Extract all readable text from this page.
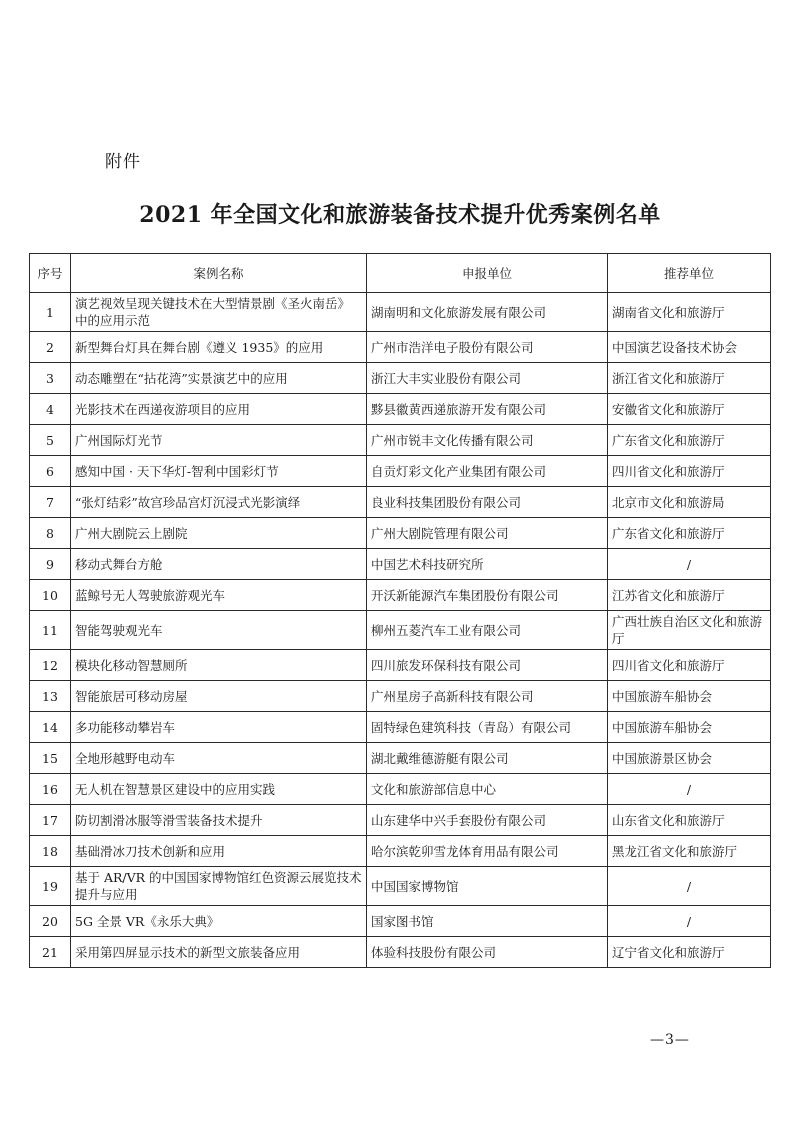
附件
2021 年全国文化和旅游装备技术提升优秀案例名单
序号	案例名称	申报单位	推荐单位
1	演艺视效呈现关键技术在大型情景剧《圣火南岳》中的应用示范	湖南明和文化旅游发展有限公司	湖南省文化和旅游厅
2	新型舞台灯具在舞台剧《遵义 1935》的应用	广州市浩洋电子股份有限公司	中国演艺设备技术协会
3	动态雕塑在“拈花湾”实景演艺中的应用	浙江大丰实业股份有限公司	浙江省文化和旅游厅
4	光影技术在西递夜游项目的应用	黟县徽黄西递旅游开发有限公司	安徽省文化和旅游厅
5	广州国际灯光节	广州市锐丰文化传播有限公司	广东省文化和旅游厅
6	感知中国 · 天下华灯-智利中国彩灯节	自贡灯彩文化产业集团有限公司	四川省文化和旅游厅
7	“张灯结彩”故宫珍品宫灯沉浸式光影演绎	良业科技集团股份有限公司	北京市文化和旅游局
8	广州大剧院云上剧院	广州大剧院管理有限公司	广东省文化和旅游厅
9	移动式舞台方舱	中国艺术科技研究所	/
10	蓝鲸号无人驾驶旅游观光车	开沃新能源汽车集团股份有限公司	江苏省文化和旅游厅
11	智能驾驶观光车	柳州五菱汽车工业有限公司	广西壮族自治区文化和旅游厅
12	模块化移动智慧厕所	四川旅发环保科技有限公司	四川省文化和旅游厅
13	智能旅居可移动房屋	广州星房子高新科技有限公司	中国旅游车船协会
14	多功能移动攀岩车	固特绿色建筑科技（青岛）有限公司	中国旅游车船协会
15	全地形越野电动车	湖北戴维德游艇有限公司	中国旅游景区协会
16	无人机在智慧景区建设中的应用实践	文化和旅游部信息中心	/
17	防切割滑冰服等滑雪装备技术提升	山东建华中兴手套股份有限公司	山东省文化和旅游厅
18	基础滑冰刀技术创新和应用	哈尔滨乾卯雪龙体育用品有限公司	黑龙江省文化和旅游厅
19	基于 AR/VR 的中国国家博物馆红色资源云展览技术提升与应用	中国国家博物馆	/
20	5G 全景 VR《永乐大典》	国家图书馆	/
21	采用第四屏显示技术的新型文旅装备应用	体验科技股份有限公司	辽宁省文化和旅游厅
—3—
